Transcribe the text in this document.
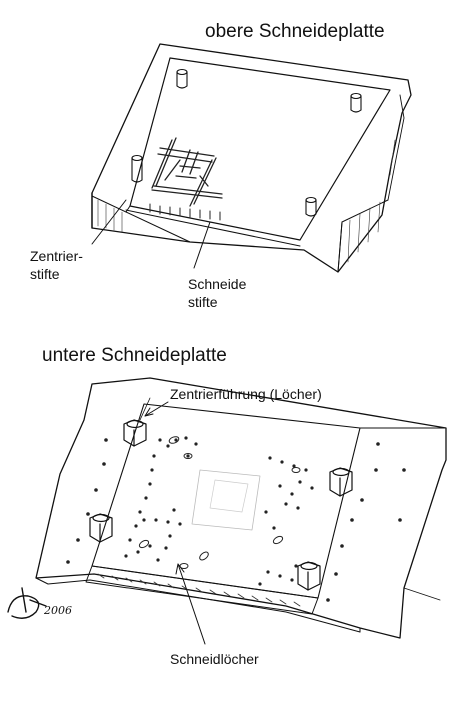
obere Schneideplatte
Zentrier-
stifte
Schneide
stifte
untere Schneideplatte
Zentrierführung (Löcher)
Schneidlöcher
2006
